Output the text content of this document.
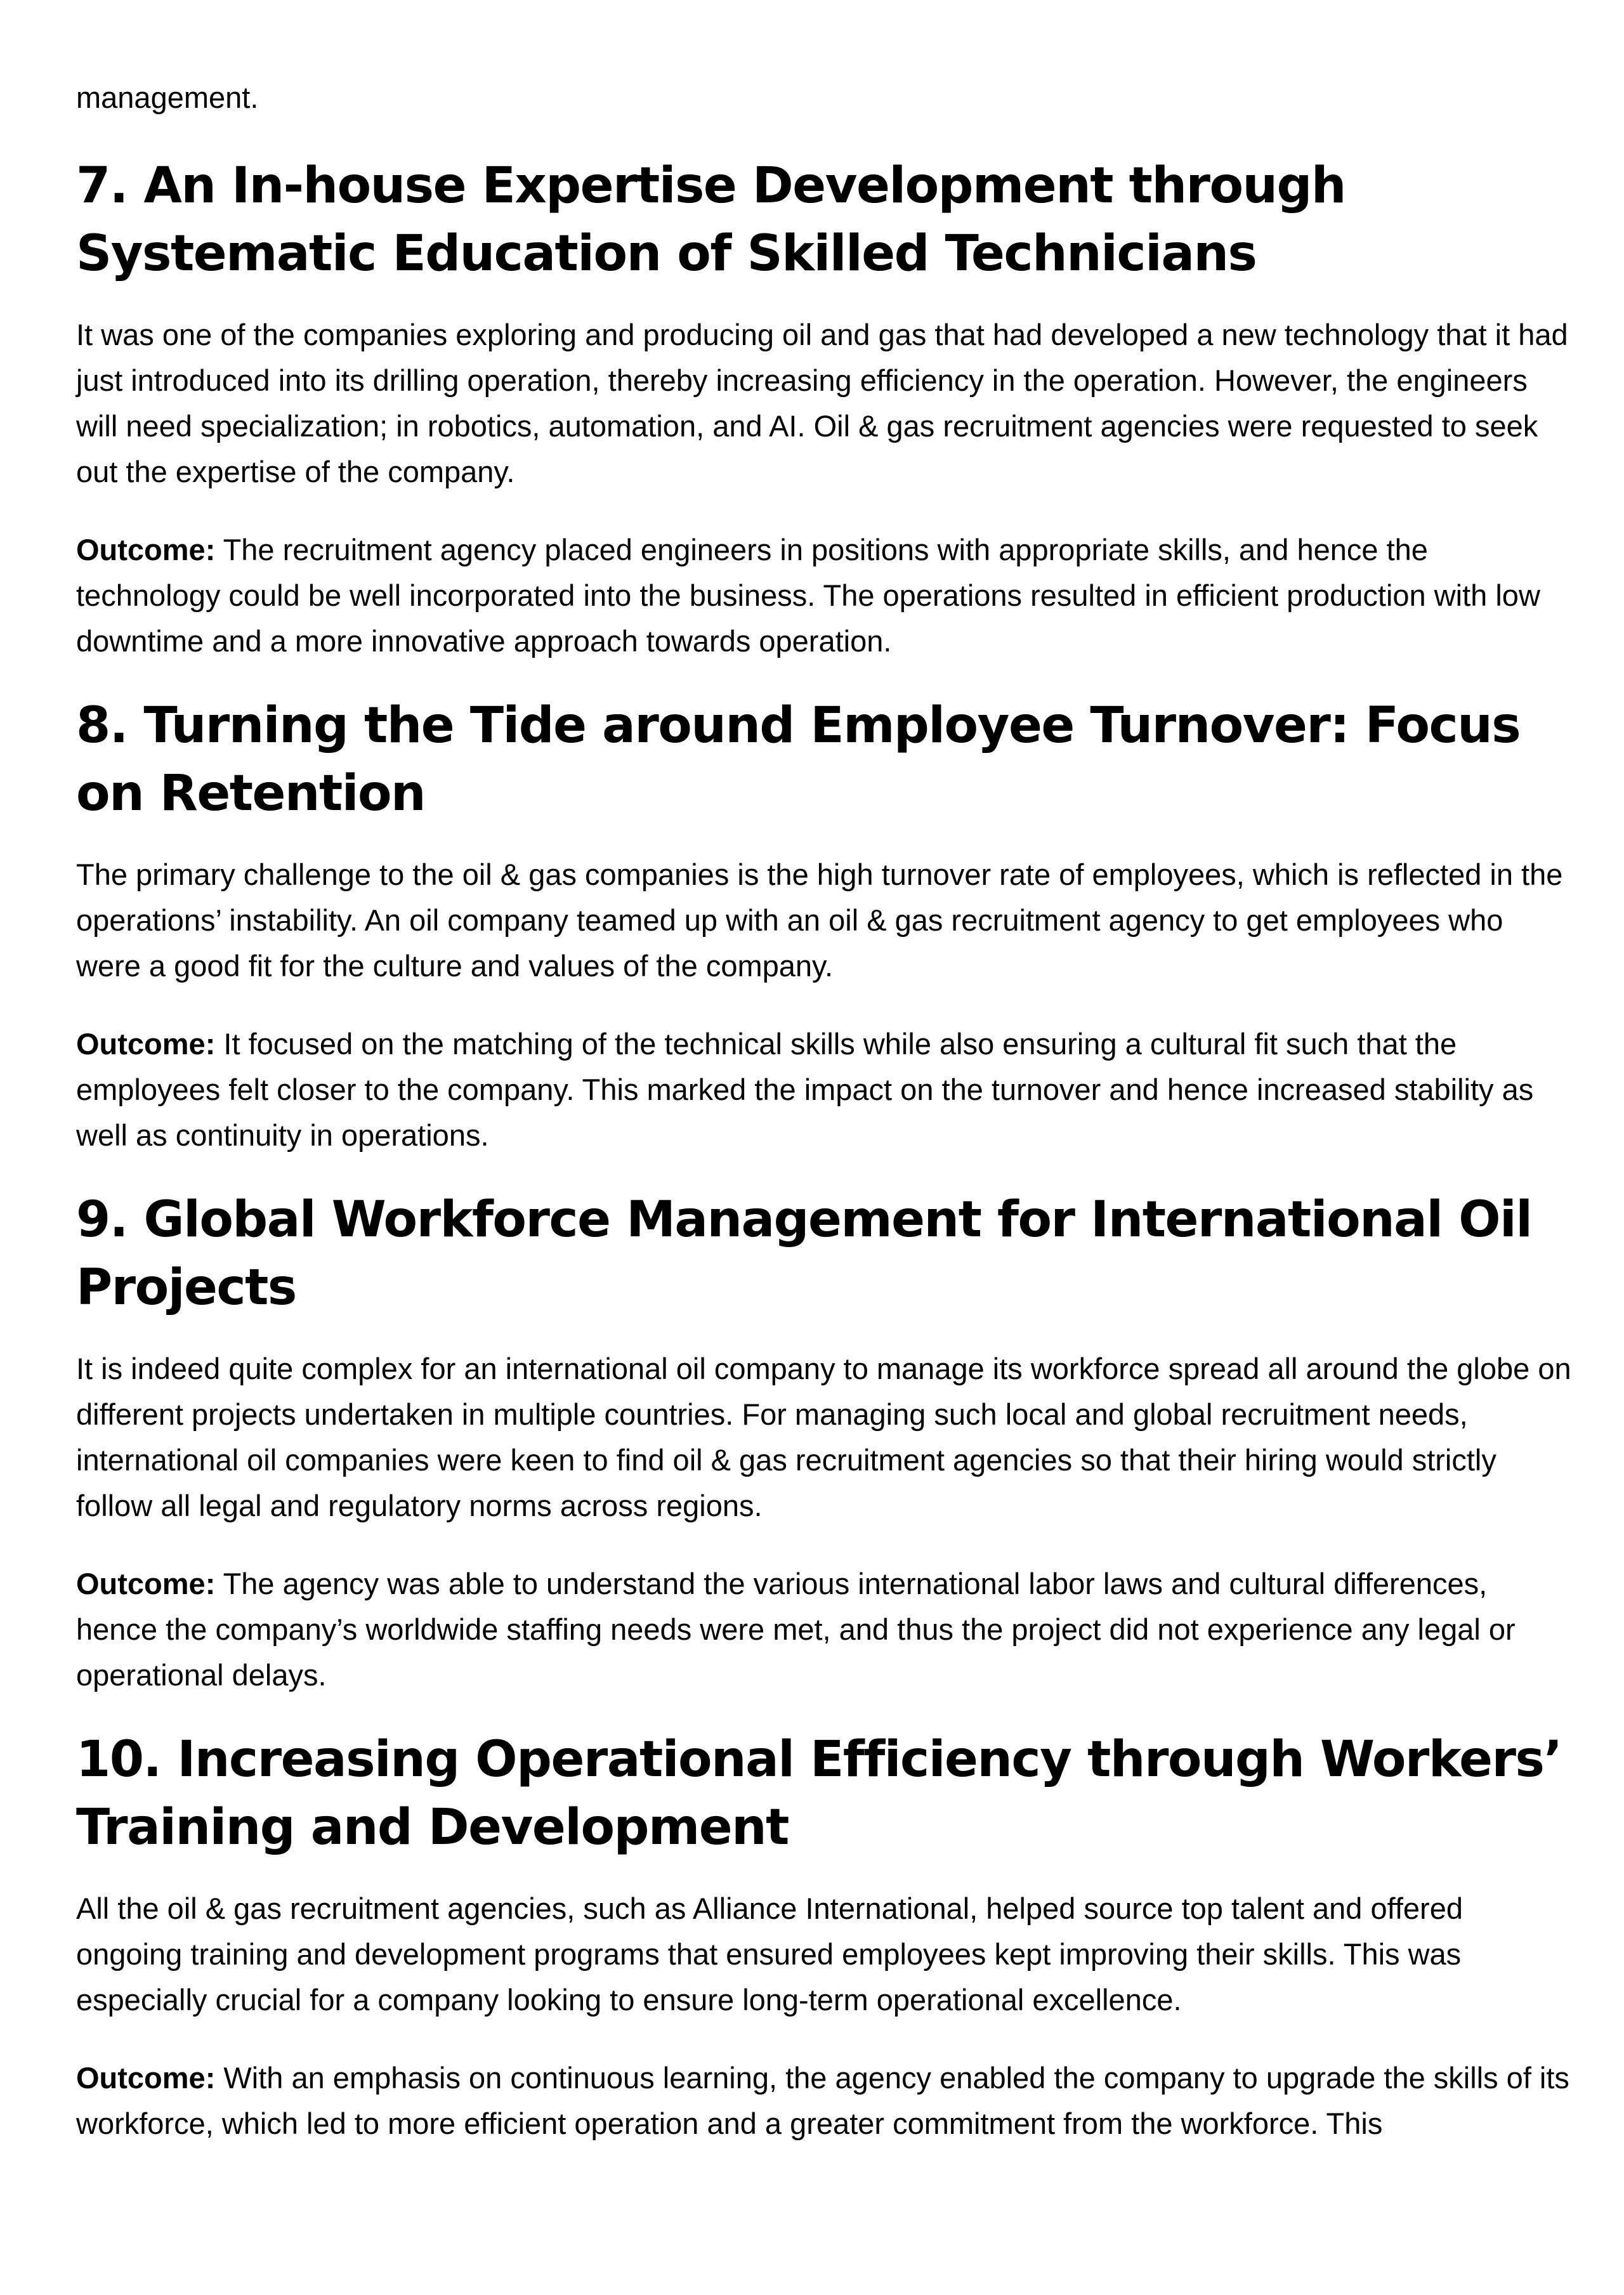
management.

7. An In-house Expertise Development through Systematic Education of Skilled Technicians

It was one of the companies exploring and producing oil and gas that had developed a new technology that it had just introduced into its drilling operation, thereby increasing efficiency in the operation. However, the engineers will need specialization; in robotics, automation, and AI. Oil & gas recruitment agencies were requested to seek out the expertise of the company.

Outcome: The recruitment agency placed engineers in positions with appropriate skills, and hence the technology could be well incorporated into the business. The operations resulted in efficient production with low downtime and a more innovative approach towards operation.

8. Turning the Tide around Employee Turnover: Focus on Retention

The primary challenge to the oil & gas companies is the high turnover rate of employees, which is reflected in the operations’ instability. An oil company teamed up with an oil & gas recruitment agency to get employees who were a good fit for the culture and values of the company.

Outcome: It focused on the matching of the technical skills while also ensuring a cultural fit such that the employees felt closer to the company. This marked the impact on the turnover and hence increased stability as well as continuity in operations.

9. Global Workforce Management for International Oil Projects

It is indeed quite complex for an international oil company to manage its workforce spread all around the globe on different projects undertaken in multiple countries. For managing such local and global recruitment needs, international oil companies were keen to find oil & gas recruitment agencies so that their hiring would strictly follow all legal and regulatory norms across regions.

Outcome: The agency was able to understand the various international labor laws and cultural differences, hence the company’s worldwide staffing needs were met, and thus the project did not experience any legal or operational delays.

10. Increasing Operational Efficiency through Workers’ Training and Development

All the oil & gas recruitment agencies, such as Alliance International, helped source top talent and offered ongoing training and development programs that ensured employees kept improving their skills. This was especially crucial for a company looking to ensure long-term operational excellence.

Outcome: With an emphasis on continuous learning, the agency enabled the company to upgrade the skills of its workforce, which led to more efficient operation and a greater commitment from the workforce. This
